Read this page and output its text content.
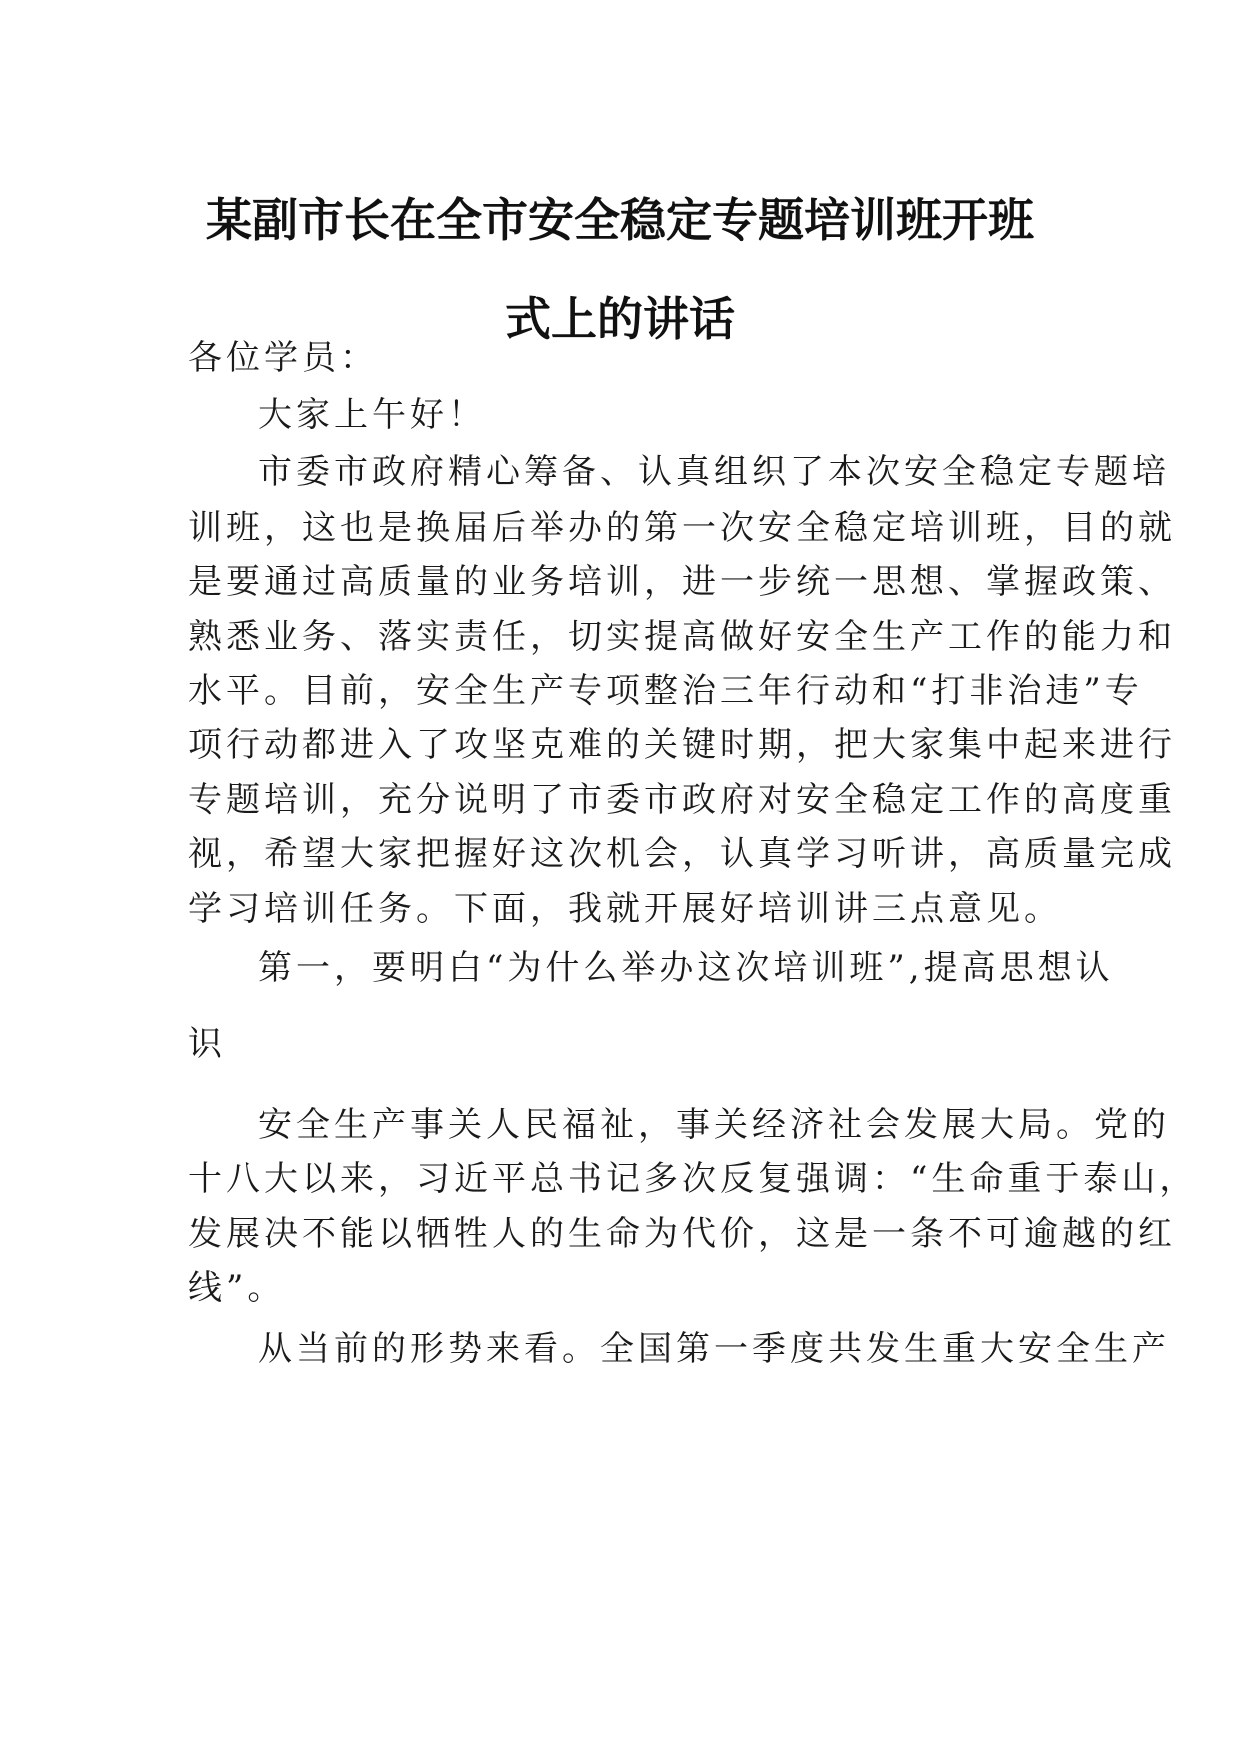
某副市长在全市安全稳定专题培训班开班
式上的讲话
各位学员：
大家上午好！
市委市政府精心筹备、认真组织了本次安全稳定专题培
训班，这也是换届后举办的第一次安全稳定培训班，目的就
是要通过高质量的业务培训，进一步统一思想、掌握政策、
熟悉业务、落实责任，切实提高做好安全生产工作的能力和
水平。目前，安全生产专项整治三年行动和“打非治违”专
项行动都进入了攻坚克难的关键时期，把大家集中起来进行
专题培训，充分说明了市委市政府对安全稳定工作的高度重
视，希望大家把握好这次机会，认真学习听讲，高质量完成
学习培训任务。下面，我就开展好培训讲三点意见。
第一，要明白“为什么举办这次培训班”,提高思想认
识
安全生产事关人民福祉，事关经济社会发展大局。党的
十八大以来，习近平总书记多次反复强调：“生命重于泰山，
发展决不能以牺牲人的生命为代价，这是一条不可逾越的红
线”。
从当前的形势来看。全国第一季度共发生重大安全生产
